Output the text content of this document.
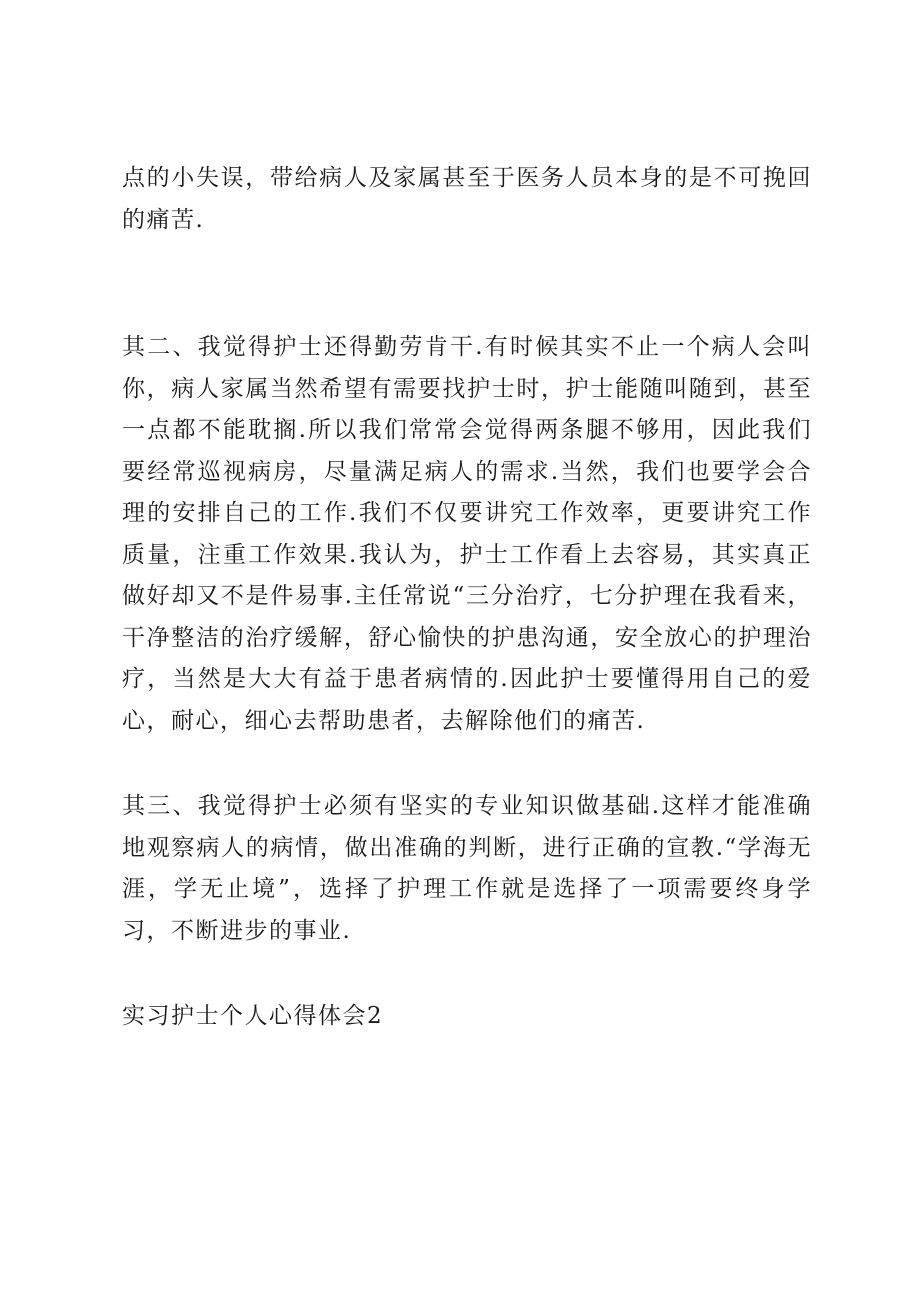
点的小失误，带给病人及家属甚至于医务人员本身的是不可挽回的痛苦.

其二、我觉得护士还得勤劳肯干.有时候其实不止一个病人会叫你，病人家属当然希望有需要找护士时，护士能随叫随到，甚至一点都不能耽搁.所以我们常常会觉得两条腿不够用，因此我们要经常巡视病房，尽量满足病人的需求.当然，我们也要学会合理的安排自己的工作.我们不仅要讲究工作效率，更要讲究工作质量，注重工作效果.我认为，护士工作看上去容易，其实真正做好却又不是件易事.主任常说“三分治疗，七分护理在我看来，干净整洁的治疗缓解，舒心愉快的护患沟通，安全放心的护理治疗，当然是大大有益于患者病情的.因此护士要懂得用自己的爱心，耐心，细心去帮助患者，去解除他们的痛苦.

其三、我觉得护士必须有坚实的专业知识做基础.这样才能准确地观察病人的病情，做出准确的判断，进行正确的宣教.“学海无涯，学无止境”，选择了护理工作就是选择了一项需要终身学习，不断进步的事业.

实习护士个人心得体会2
